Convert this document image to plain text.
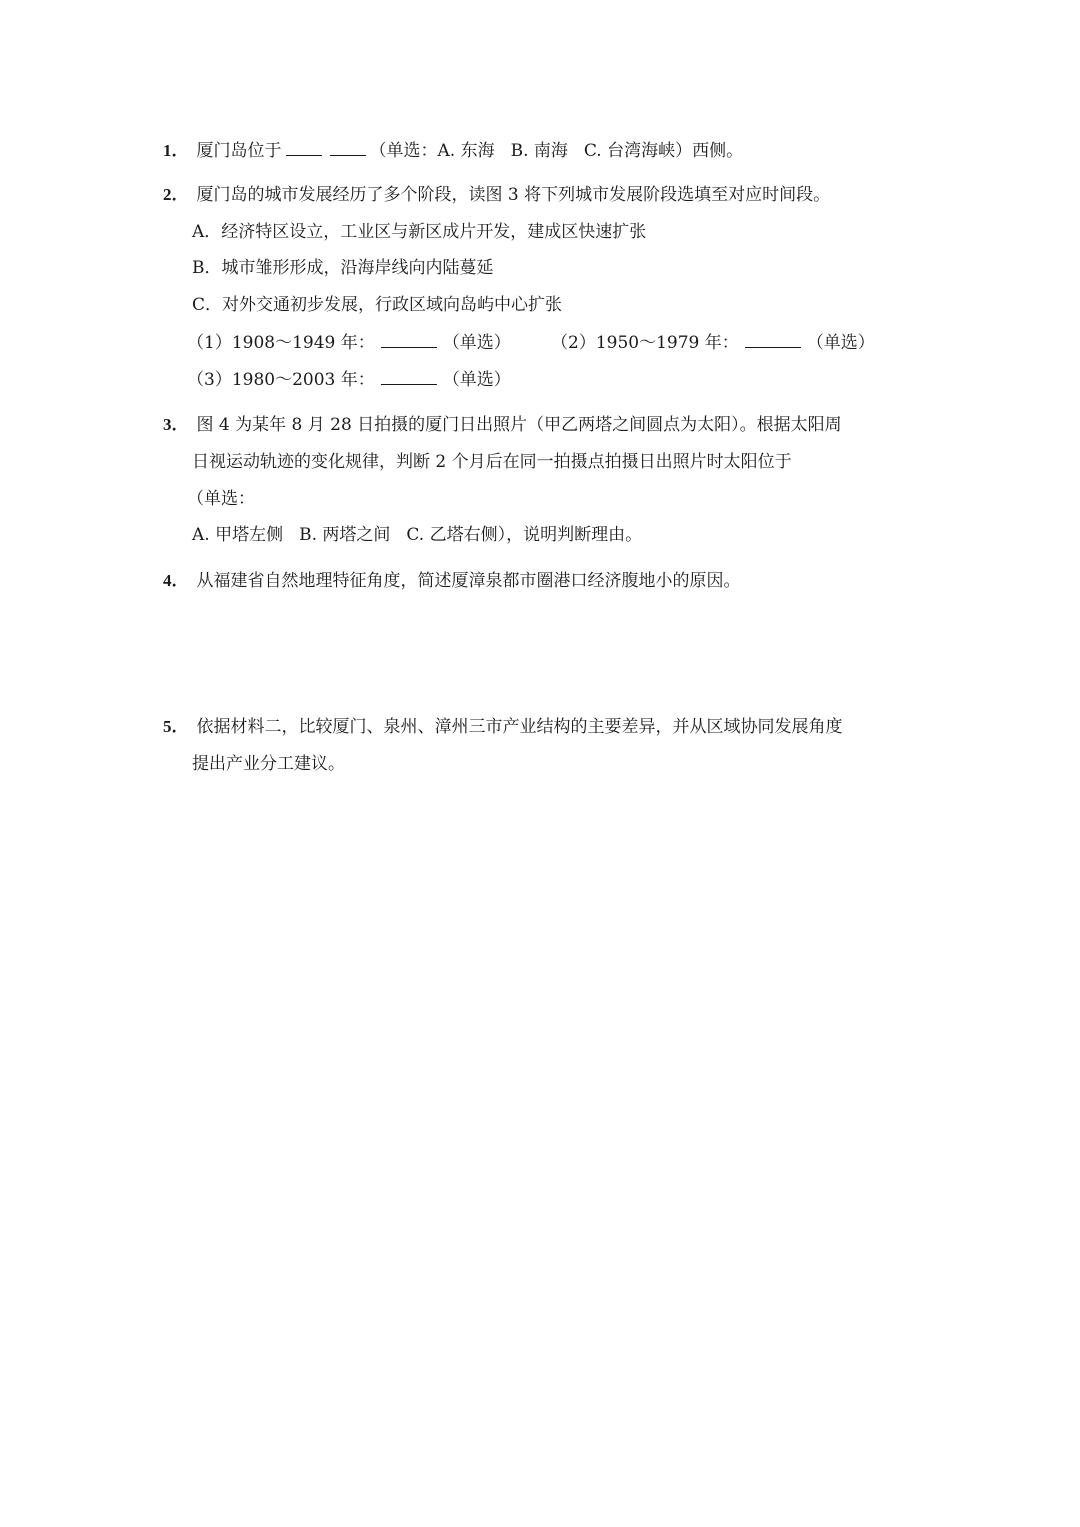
1． 厦门岛位于	（单选：A. 东海 B. 南海 C. 台湾海峡）西侧。
2． 厦门岛的城市发展经历了多个阶段，读图 3 将下列城市发展阶段选填至对应时间段。
A．经济特区设立，工业区与新区成片开发，建成区快速扩张
B．城市雏形形成，沿海岸线向内陆蔓延
C．对外交通初步发展，行政区域向岛屿中心扩张
（1）1908～1949 年：	（单选） （2）1950～1979 年：	（单选）
（3）1980～2003 年：	（单选）
3． 图 4 为某年 8 月 28 日拍摄的厦门日出照片（甲乙两塔之间圆点为太阳）。根据太阳周
日视运动轨迹的变化规律，判断 2 个月后在同一拍摄点拍摄日出照片时太阳位于
（单选：
A. 甲塔左侧 B. 两塔之间 C. 乙塔右侧），说明判断理由。
4． 从福建省自然地理特征角度，简述厦漳泉都市圈港口经济腹地小的原因。
5． 依据材料二，比较厦门、泉州、漳州三市产业结构的主要差异，并从区域协同发展角度
提出产业分工建议。
